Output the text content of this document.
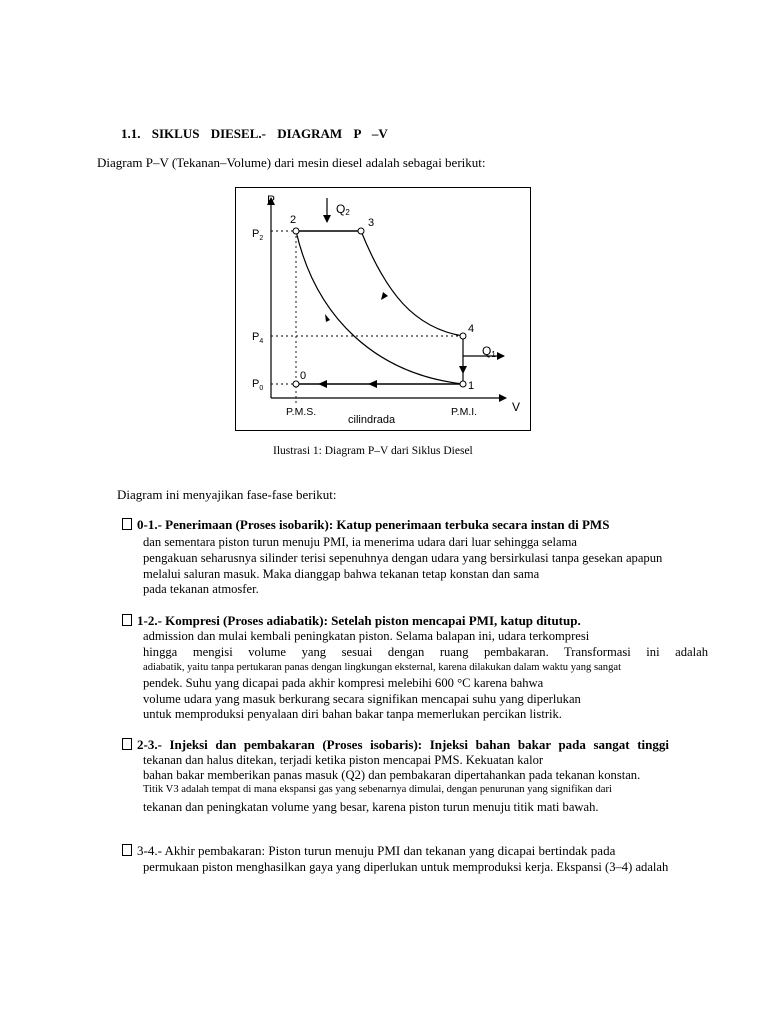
1.1. SIKLUS DIESEL.- DIAGRAM P –V
Diagram P–V (Tekanan–Volume) dari mesin diesel adalah sebagai berikut:
P
V
Q2
Q1
$P_2$
$P_4$
$P_0$
2	3
4
1
0
P.M.S.	P.M.I.
cilindrada
Ilustrasi 1: Diagram P–V dari Siklus Diesel
Diagram ini menyajikan fase-fase berikut:
0-1.- Penerimaan (Proses isobarik): Katup penerimaan terbuka secara instan di PMS
dan sementara piston turun menuju PMI, ia menerima udara dari luar sehingga selama
pengakuan seharusnya silinder terisi sepenuhnya dengan udara yang bersirkulasi tanpa gesekan apapun
melalui saluran masuk. Maka dianggap bahwa tekanan tetap konstan dan sama
pada tekanan atmosfer.
1-2.- Kompresi (Proses adiabatik): Setelah piston mencapai PMI, katup ditutup.
admission dan mulai kembali peningkatan piston. Selama balapan ini, udara terkompresi
hingga mengisi volume yang sesuai dengan ruang pembakaran. Transformasi ini adalah
adiabatik, yaitu tanpa pertukaran panas dengan lingkungan eksternal, karena dilakukan dalam waktu yang sangat
pendek. Suhu yang dicapai pada akhir kompresi melebihi 600 °C karena bahwa
volume udara yang masuk berkurang secara signifikan mencapai suhu yang diperlukan
untuk memproduksi penyalaan diri bahan bakar tanpa memerlukan percikan listrik.
2-3.- Injeksi dan pembakaran (Proses isobaris): Injeksi bahan bakar pada sangat tinggi
tekanan dan halus ditekan, terjadi ketika piston mencapai PMS. Kekuatan kalor
bahan bakar memberikan panas masuk (Q2) dan pembakaran dipertahankan pada tekanan konstan.
Titik V3 adalah tempat di mana ekspansi gas yang sebenarnya dimulai, dengan penurunan yang signifikan dari
tekanan dan peningkatan volume yang besar, karena piston turun menuju titik mati bawah.
3-4.- Akhir pembakaran: Piston turun menuju PMI dan tekanan yang dicapai bertindak pada
permukaan piston menghasilkan gaya yang diperlukan untuk memproduksi kerja. Ekspansi (3–4) adalah
